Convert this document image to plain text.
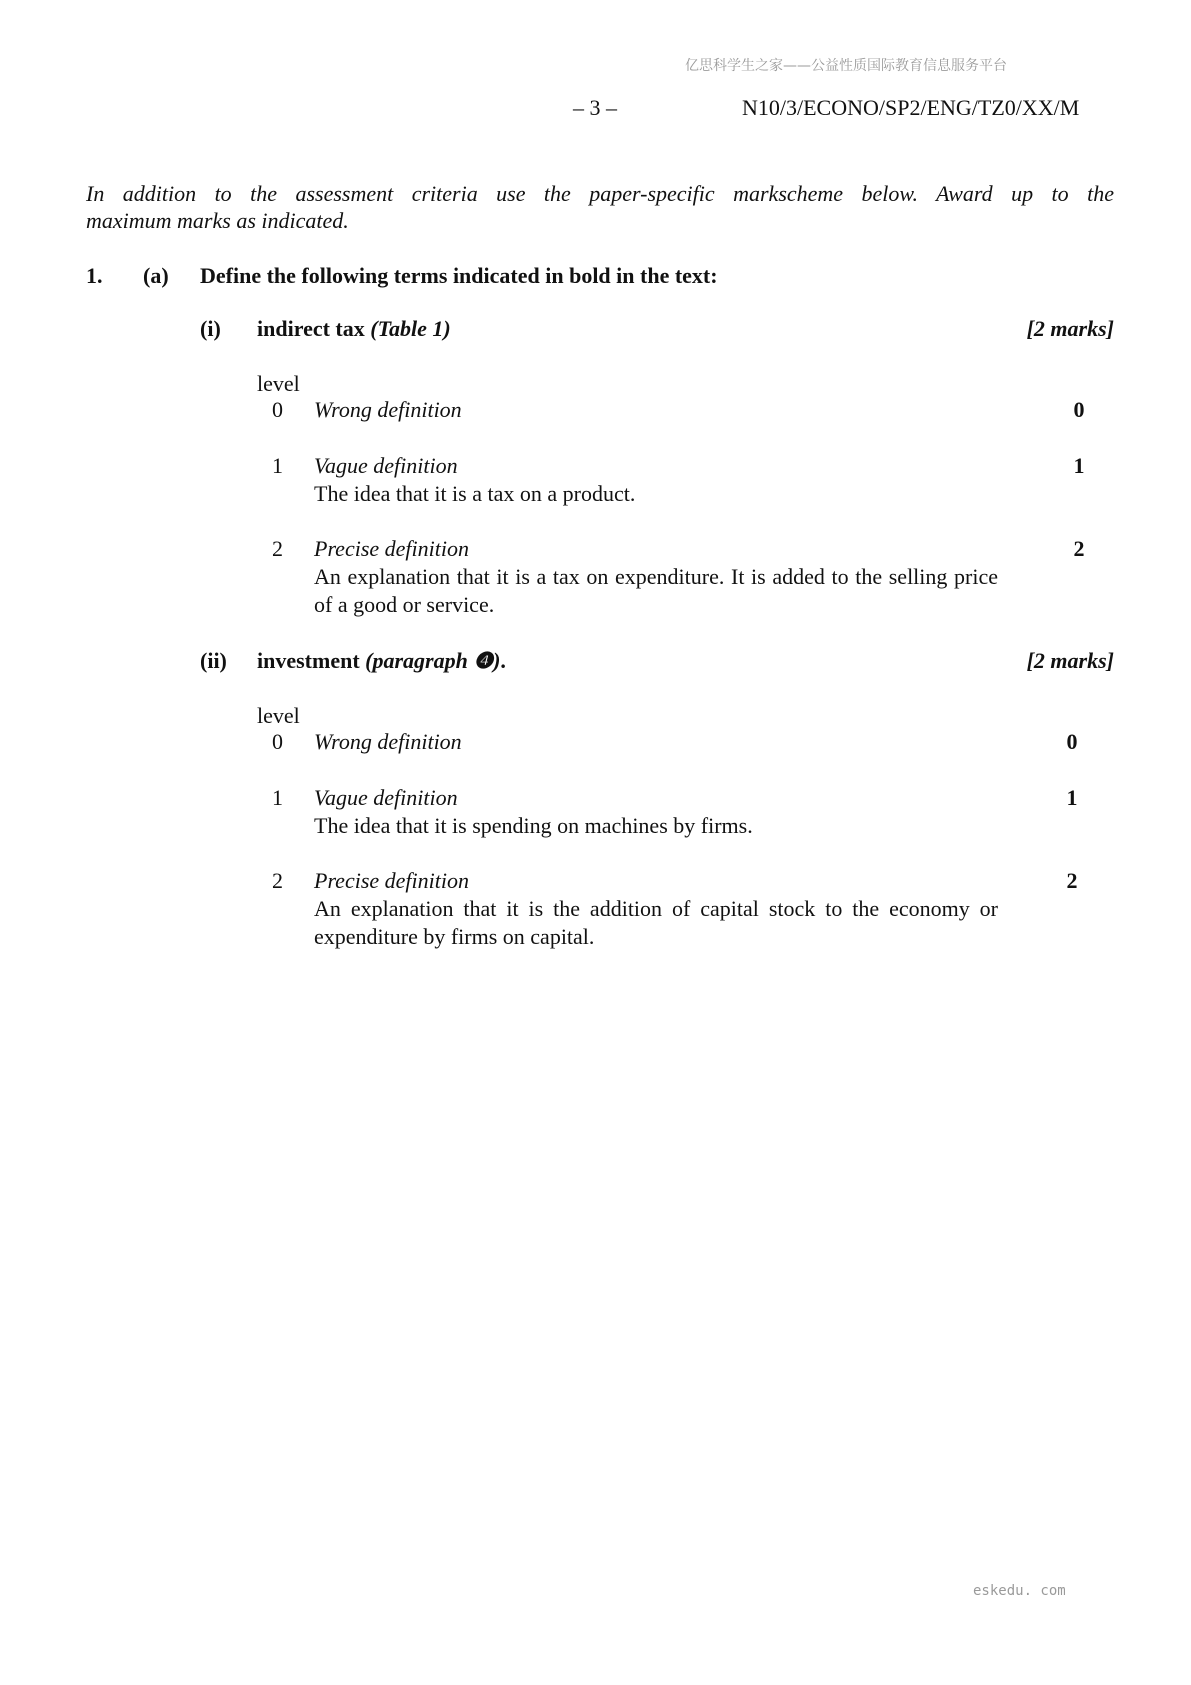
亿思科学生之家——公益性质国际教育信息服务平台
– 3 –	N10/3/ECONO/SP2/ENG/TZ0/XX/M

In addition to the assessment criteria use the paper-specific markscheme below. Award up to the

maximum marks as indicated.

1. (a) Define the following terms indicated in bold in the text:
(i) indirect tax (Table 1)	[2 marks]
level
0 Wrong definition	0
1 Vague definition	1
The idea that it is a tax on a product.
2 Precise definition	2
An explanation that it is a tax on expenditure. It is added to the selling price of a good or service.
(ii) investment (paragraph ❹).	[2 marks]
level
0 Wrong definition	0
1 Vague definition	1
The idea that it is spending on machines by firms.
2 Precise definition	2
An explanation that it is the addition of capital stock to the economy or expenditure by firms on capital.
eskedu. com
